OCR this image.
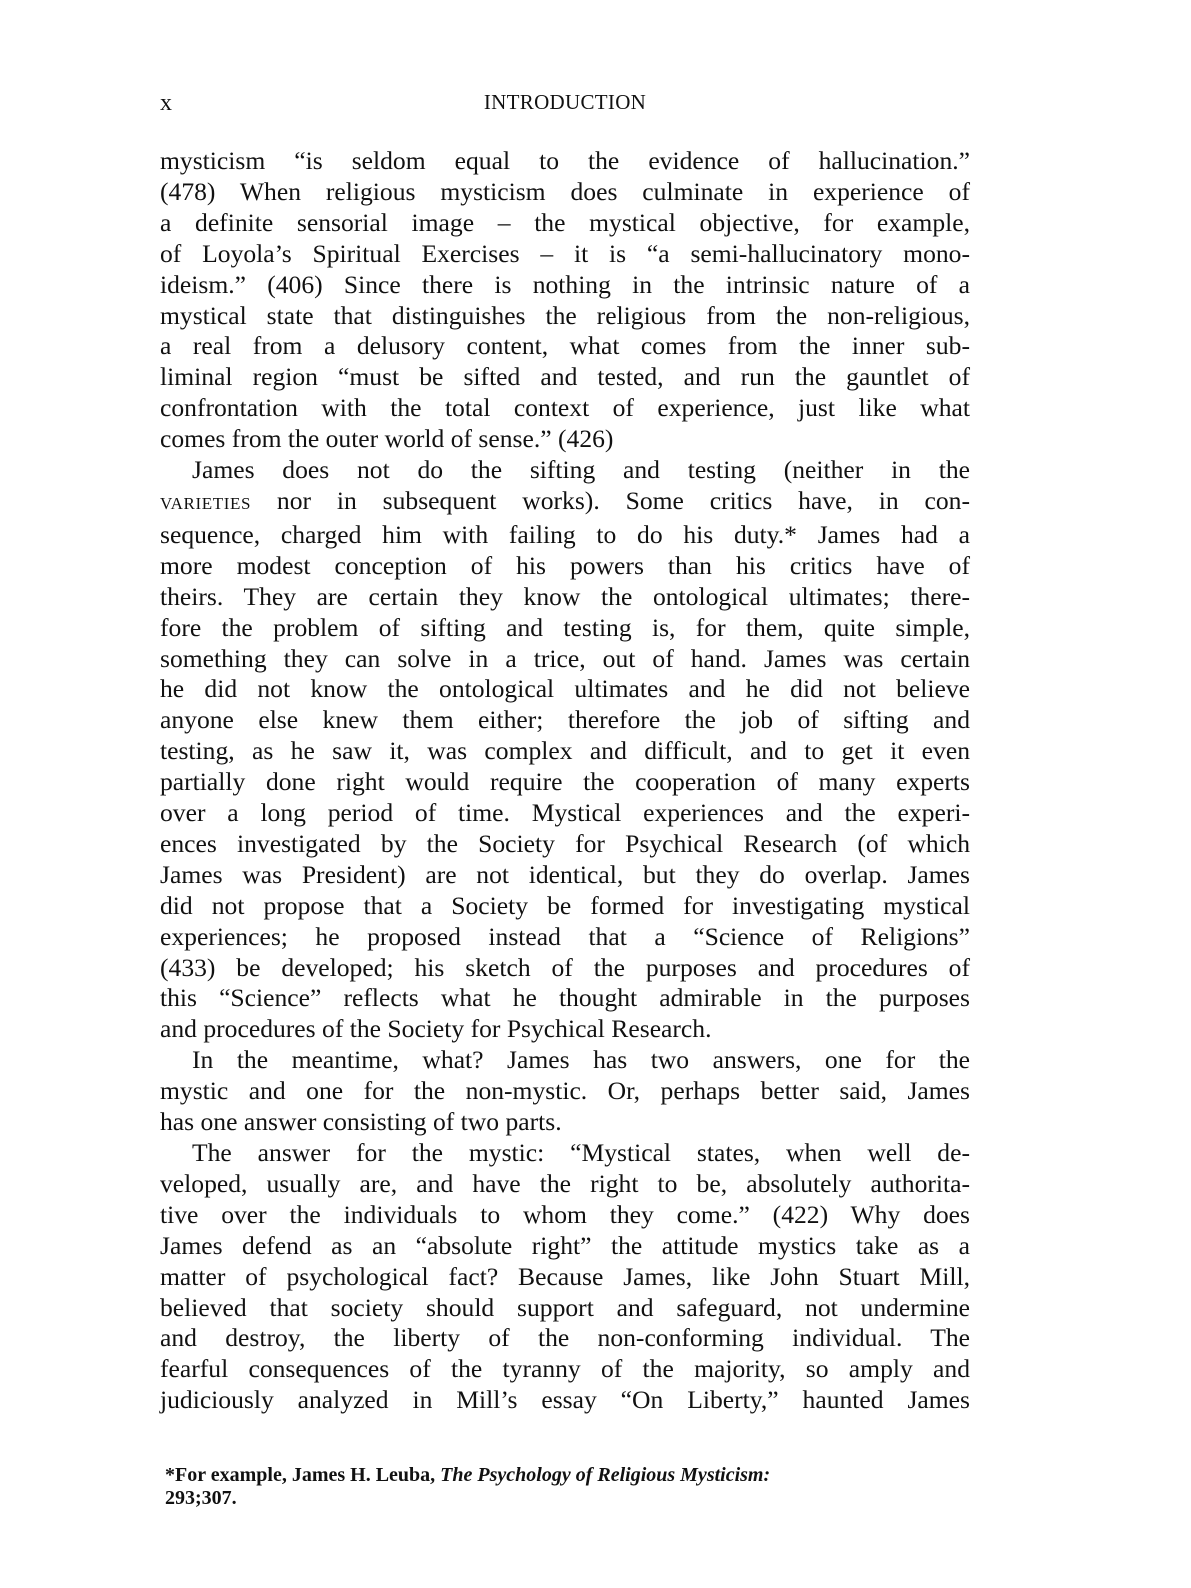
x	INTRODUCTION
mysticism “is seldom equal to the evidence of hallucination.”
(478) When religious mysticism does culminate in experience of
a definite sensorial image – the mystical objective, for example,
of Loyola’s Spiritual Exercises – it is “a semi-hallucinatory mono-
ideism.” (406) Since there is nothing in the intrinsic nature of a
mystical state that distinguishes the religious from the non-religious,
a real from a delusory content, what comes from the inner sub-
liminal region “must be sifted and tested, and run the gauntlet of
confrontation with the total context of experience, just like what
comes from the outer world of sense.” (426)
James does not do the sifting and testing (neither in the
VARIETIES nor in subsequent works). Some critics have, in con-
sequence, charged him with failing to do his duty.* James had a
more modest conception of his powers than his critics have of
theirs. They are certain they know the ontological ultimates; there-
fore the problem of sifting and testing is, for them, quite simple,
something they can solve in a trice, out of hand. James was certain
he did not know the ontological ultimates and he did not believe
anyone else knew them either; therefore the job of sifting and
testing, as he saw it, was complex and difficult, and to get it even
partially done right would require the cooperation of many experts
over a long period of time. Mystical experiences and the experi-
ences investigated by the Society for Psychical Research (of which
James was President) are not identical, but they do overlap. James
did not propose that a Society be formed for investigating mystical
experiences; he proposed instead that a “Science of Religions”
(433) be developed; his sketch of the purposes and procedures of
this “Science” reflects what he thought admirable in the purposes
and procedures of the Society for Psychical Research.
In the meantime, what? James has two answers, one for the
mystic and one for the non-mystic. Or, perhaps better said, James
has one answer consisting of two parts.
The answer for the mystic: “Mystical states, when well de-
veloped, usually are, and have the right to be, absolutely authorita-
tive over the individuals to whom they come.” (422) Why does
James defend as an “absolute right” the attitude mystics take as a
matter of psychological fact? Because James, like John Stuart Mill,
believed that society should support and safeguard, not undermine
and destroy, the liberty of the non-conforming individual. The
fearful consequences of the tyranny of the majority, so amply and
judiciously analyzed in Mill’s essay “On Liberty,” haunted James
*For example, James H. Leuba, The Psychology of Religious Mysticism:
293;307.
